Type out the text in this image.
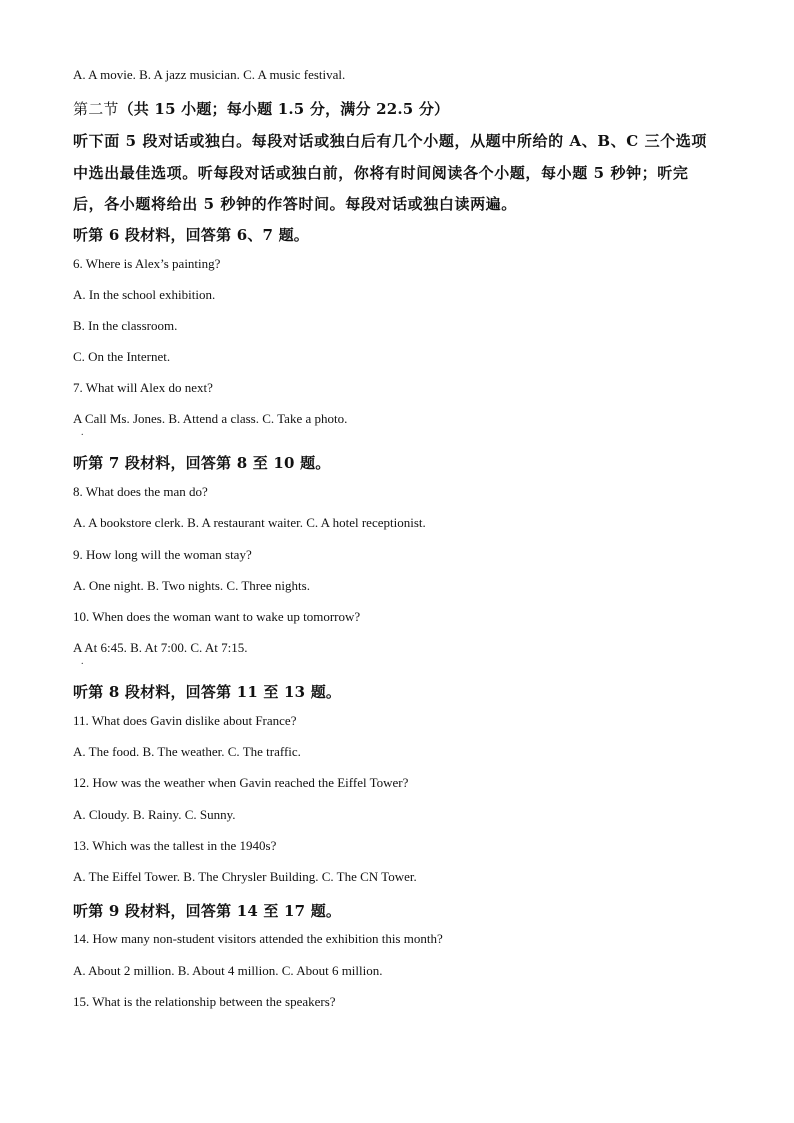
A. A movie. B. A jazz musician. C. A music festival.
第二节（共 15 小题；每小题 1.5 分，满分 22.5 分）
听下面 5 段对话或独白。每段对话或独白后有几个小题，从题中所给的 A、B、C 三个选项
中选出最佳选项。听每段对话或独白前，你将有时间阅读各个小题，每小题 5 秒钟；听完
后，各小题将给出 5 秒钟的作答时间。每段对话或独白读两遍。
听第 6 段材料，回答第 6、7 题。
6. Where is Alex’s painting?
A. In the school exhibition.
B. In the classroom.
C. On the Internet.
7. What will Alex do next?
A Call Ms. Jones. B. Attend a class. C. Take a photo.
.
听第 7 段材料，回答第 8 至 10 题。
8. What does the man do?
A. A bookstore clerk. B. A restaurant waiter. C. A hotel receptionist.
9. How long will the woman stay?
A. One night. B. Two nights. C. Three nights.
10. When does the woman want to wake up tomorrow?
A At 6:45. B. At 7:00. C. At 7:15.
.
听第 8 段材料，回答第 11 至 13 题。
11. What does Gavin dislike about France?
A. The food. B. The weather. C. The traffic.
12. How was the weather when Gavin reached the Eiffel Tower?
A. Cloudy. B. Rainy. C. Sunny.
13. Which was the tallest in the 1940s?
A. The Eiffel Tower. B. The Chrysler Building. C. The CN Tower.
听第 9 段材料，回答第 14 至 17 题。
14. How many non-student visitors attended the exhibition this month?
A. About 2 million. B. About 4 million. C. About 6 million.
15. What is the relationship between the speakers?
